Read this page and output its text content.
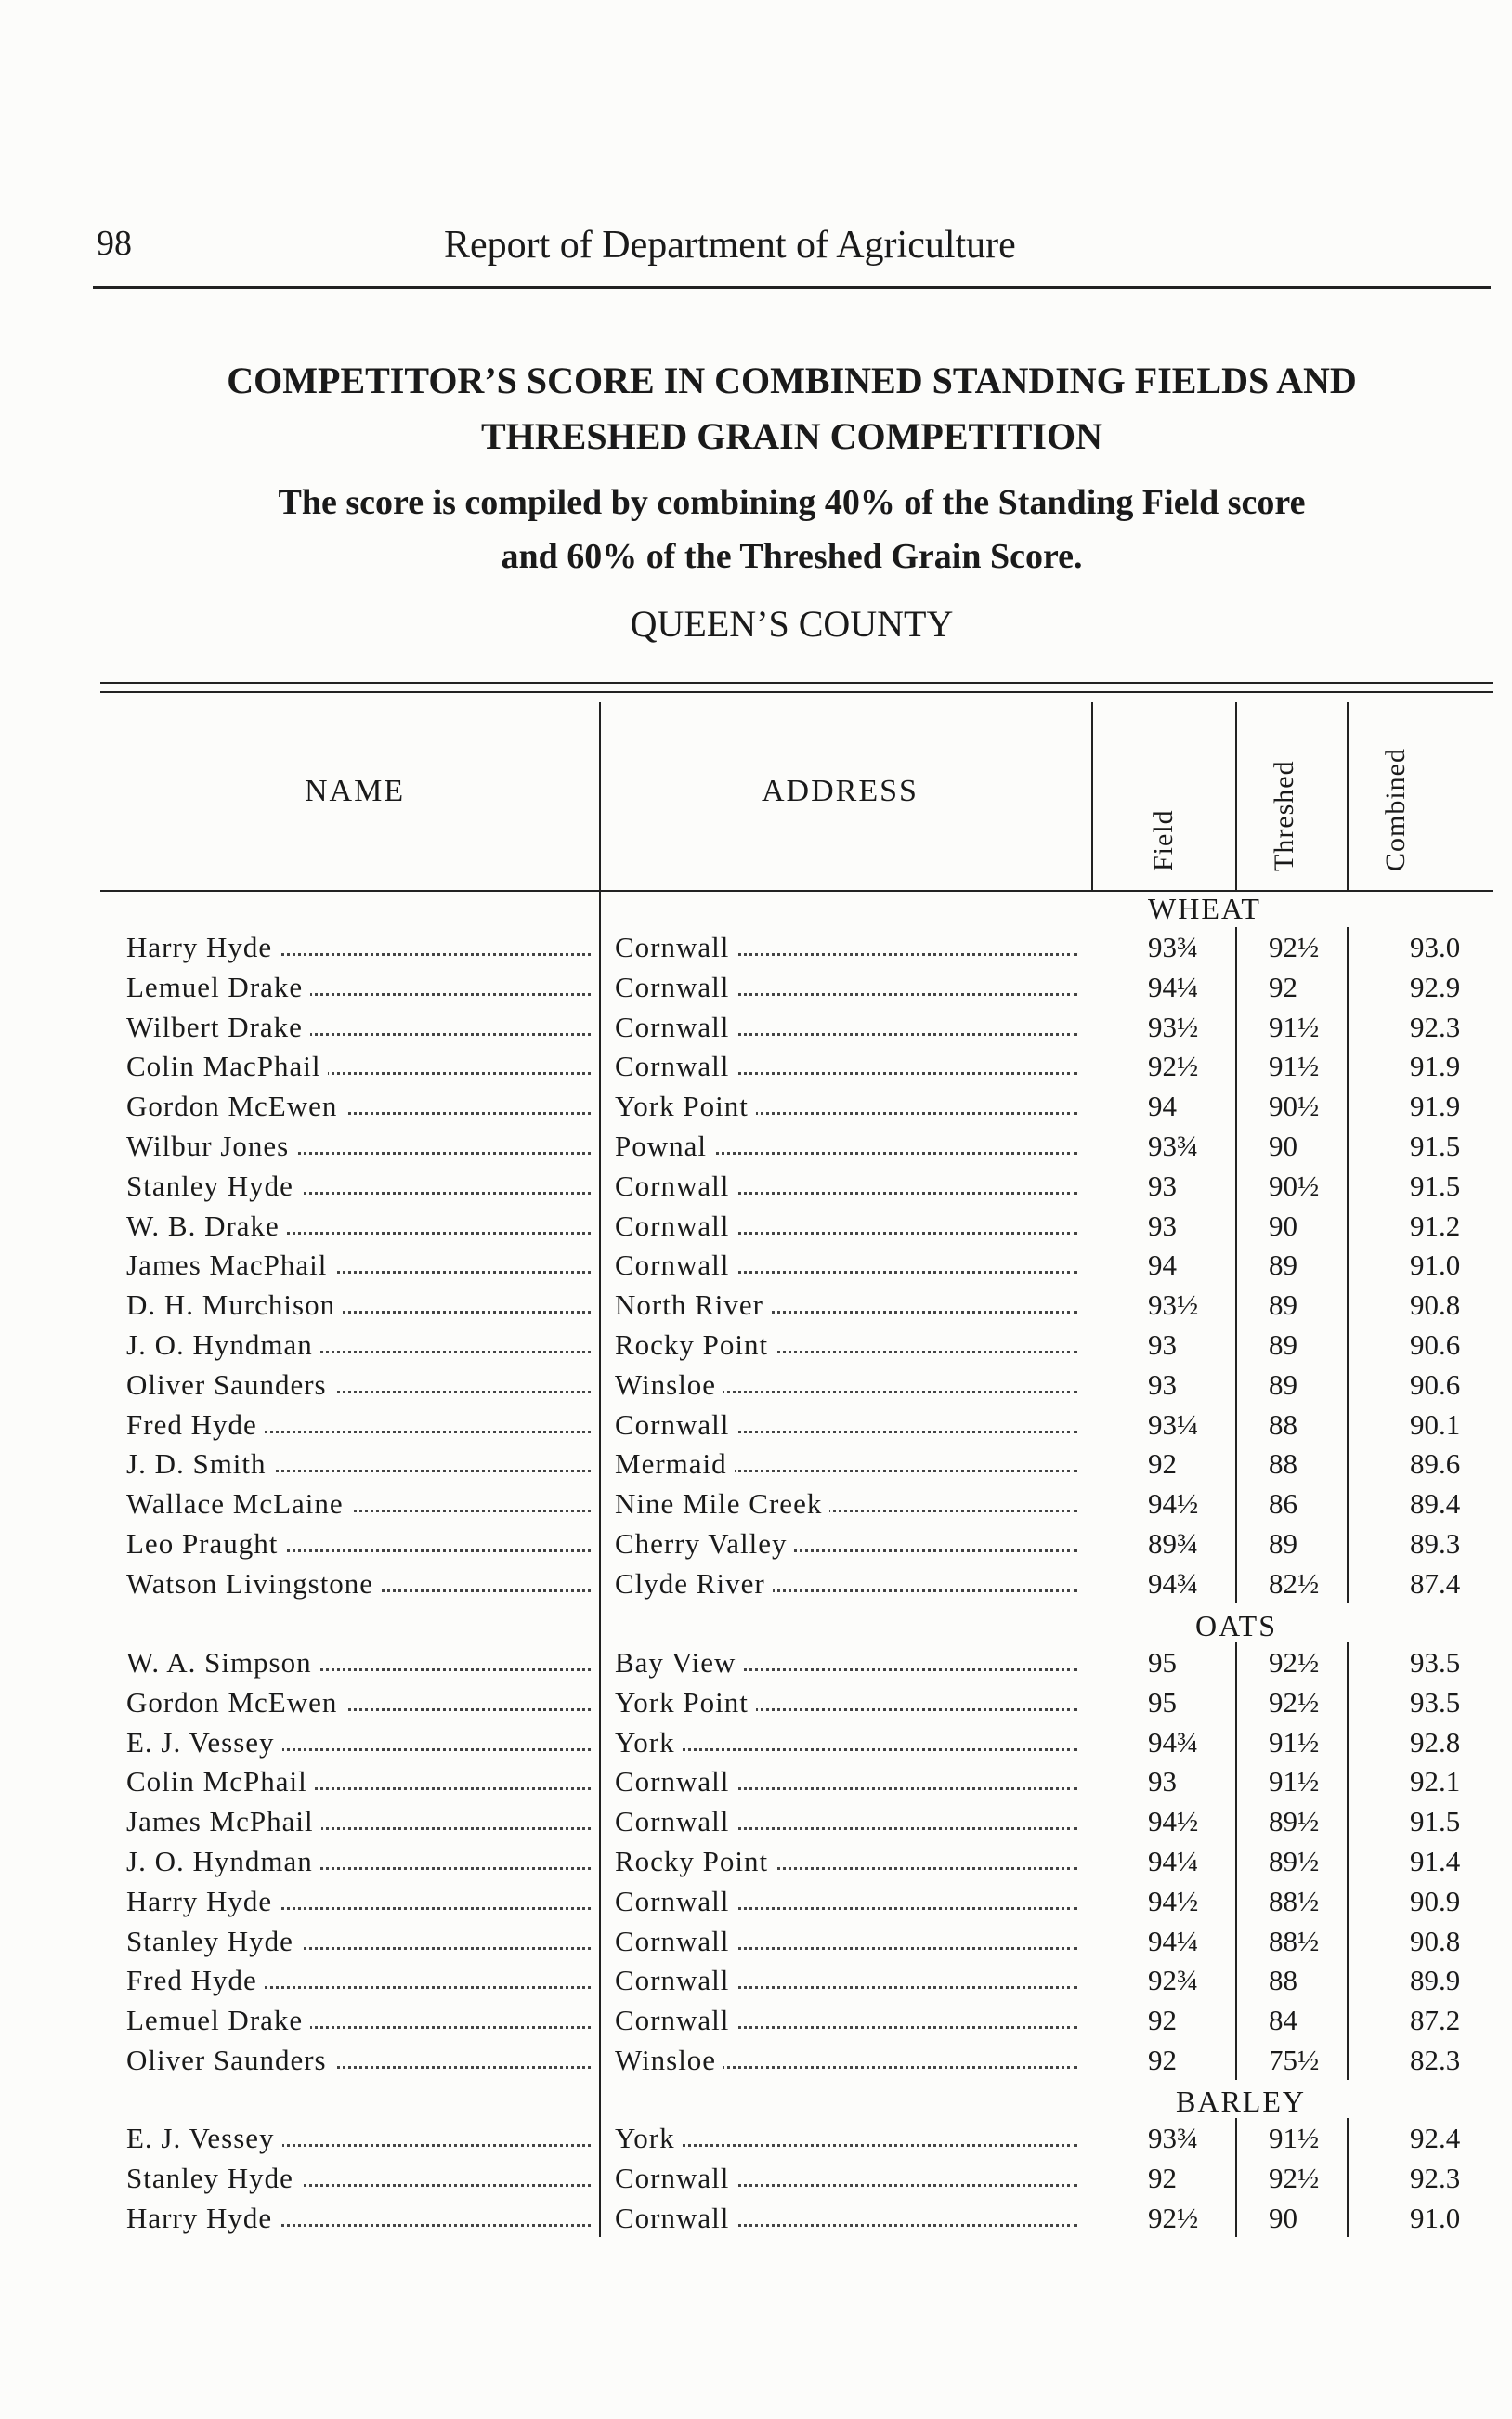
98	Report of Department of Agriculture
COMPETITOR’S SCORE IN COMBINED STANDING FIELDS AND
THRESHED GRAIN COMPETITION
The score is compiled by combining 40% of the Standing Field score
and 60% of the Threshed Grain Score.
QUEEN’S COUNTY
NAME	ADDRESS
Field	Threshed	Combined
WHEAT
Harry Hyde	Cornwall	93¾	92½	93.0
Lemuel Drake	Cornwall	94¼	92	92.9
Wilbert Drake	Cornwall	93½	91½	92.3
Colin MacPhail	Cornwall	92½	91½	91.9
Gordon McEwen	York Point	94	90½	91.9
Wilbur Jones	Pownal	93¾	90	91.5
Stanley Hyde	Cornwall	93	90½	91.5
W. B. Drake	Cornwall	93	90	91.2
James MacPhail	Cornwall	94	89	91.0
D. H. Murchison	North River	93½	89	90.8
J. O. Hyndman	Rocky Point	93	89	90.6
Oliver Saunders	Winsloe	93	89	90.6
Fred Hyde	Cornwall	93¼	88	90.1
J. D. Smith	Mermaid	92	88	89.6
Wallace McLaine	Nine Mile Creek	94½	86	89.4
Leo Praught	Cherry Valley	89¾	89	89.3
Watson Livingstone	Clyde River	94¾	82½	87.4
OATS
W. A. Simpson	Bay View	95	92½	93.5
Gordon McEwen	York Point	95	92½	93.5
E. J. Vessey	York	94¾	91½	92.8
Colin McPhail	Cornwall	93	91½	92.1
James McPhail	Cornwall	94½	89½	91.5
J. O. Hyndman	Rocky Point	94¼	89½	91.4
Harry Hyde	Cornwall	94½	88½	90.9
Stanley Hyde	Cornwall	94¼	88½	90.8
Fred Hyde	Cornwall	92¾	88	89.9
Lemuel Drake	Cornwall	92	84	87.2
Oliver Saunders	Winsloe	92	75½	82.3
BARLEY
E. J. Vessey	York	93¾	91½	92.4
Stanley Hyde	Cornwall	92	92½	92.3
Harry Hyde	Cornwall	92½	90	91.0
